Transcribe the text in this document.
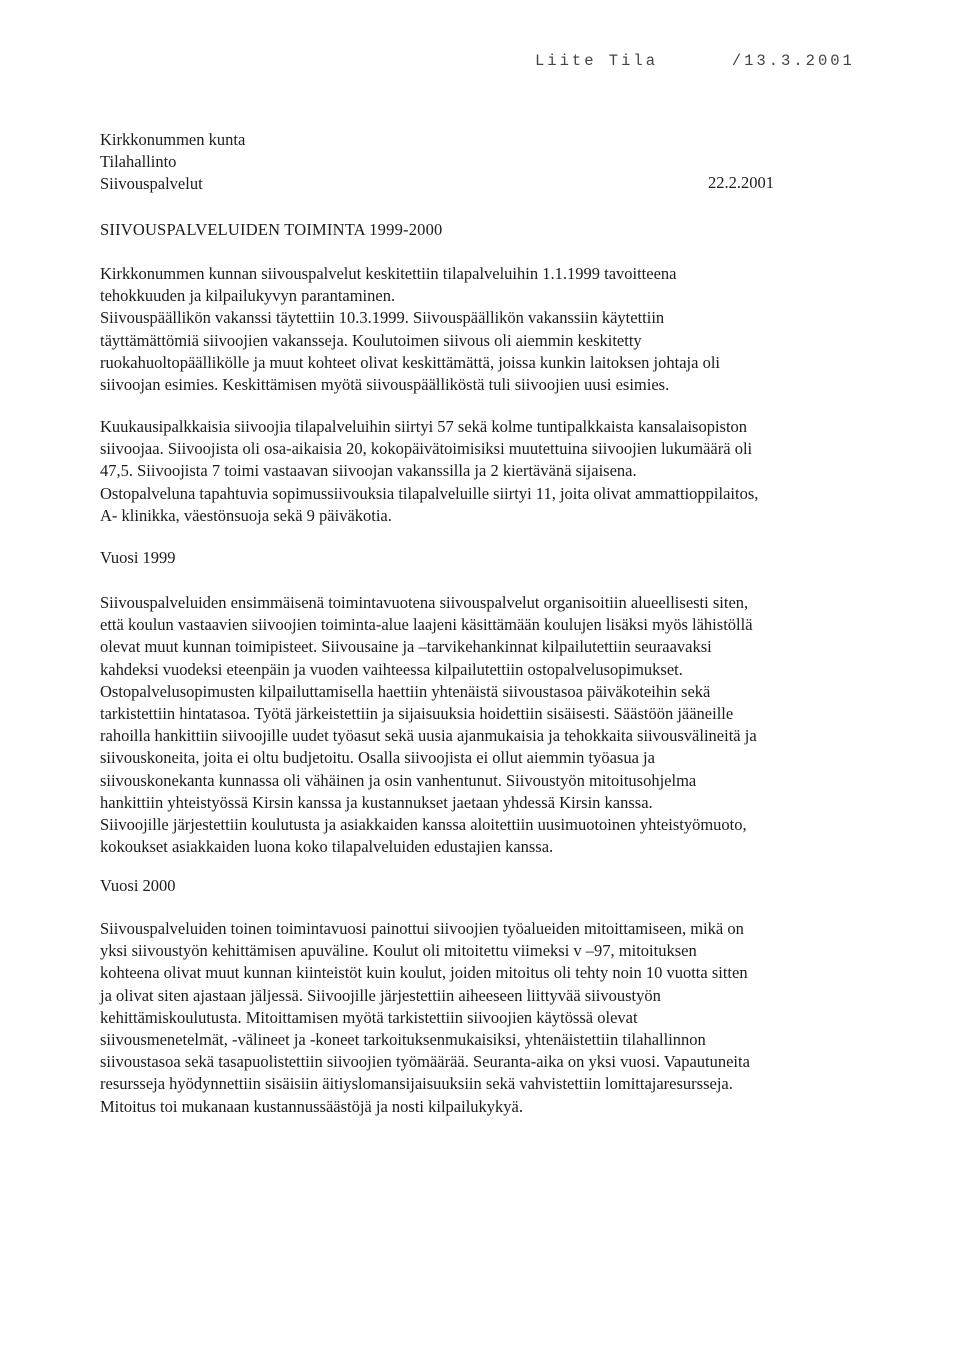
Liite Tila	/13.3.2001
Kirkkonummen kunta
Tilahallinto
Siivouspalvelut	22.2.2001
SIIVOUSPALVELUIDEN TOIMINTA 1999-2000

Kirkkonummen kunnan siivouspalvelut keskitettiin tilapalveluihin 1.1.1999 tavoitteena

tehokkuuden ja kilpailukyvyn parantaminen.

Siivouspäällikön vakanssi täytettiin 10.3.1999. Siivouspäällikön vakanssiin käytettiin

täyttämättömiä siivoojien vakansseja. Koulutoimen siivous oli aiemmin keskitetty

ruokahuoltopäällikölle ja muut kohteet olivat keskittämättä, joissa kunkin laitoksen johtaja oli

siivoojan esimies. Keskittämisen myötä siivouspäälliköstä tuli siivoojien uusi esimies.

Kuukausipalkkaisia siivoojia tilapalveluihin siirtyi 57 sekä kolme tuntipalkkaista kansalaisopiston

siivoojaa. Siivoojista oli osa-aikaisia 20, kokopäivätoimisiksi muutettuina siivoojien lukumäärä oli

47,5. Siivoojista 7 toimi vastaavan siivoojan vakanssilla ja 2 kiertävänä sijaisena.

Ostopalveluna tapahtuvia sopimussiivouksia tilapalveluille siirtyi 11, joita olivat ammattioppilaitos,

A- klinikka, väestönsuoja sekä 9 päiväkotia.

Vuosi 1999

Siivouspalveluiden ensimmäisenä toimintavuotena siivouspalvelut organisoitiin alueellisesti siten,

että koulun vastaavien siivoojien toiminta-alue laajeni käsittämään koulujen lisäksi myös lähistöllä

olevat muut kunnan toimipisteet. Siivousaine ja –tarvikehankinnat kilpailutettiin seuraavaksi

kahdeksi vuodeksi eteenpäin ja vuoden vaihteessa kilpailutettiin ostopalvelusopimukset.

Ostopalvelusopimusten kilpailuttamisella haettiin yhtenäistä siivoustasoa päiväkoteihin sekä

tarkistettiin hintatasoa. Työtä järkeistettiin ja sijaisuuksia hoidettiin sisäisesti. Säästöön jääneille

rahoilla hankittiin siivoojille uudet työasut sekä uusia ajanmukaisia ja tehokkaita siivousvälineitä ja

siivouskoneita, joita ei oltu budjetoitu. Osalla siivoojista ei ollut aiemmin työasua ja

siivouskonekanta kunnassa oli vähäinen ja osin vanhentunut. Siivoustyön mitoitusohjelma

hankittiin yhteistyössä Kirsin kanssa ja kustannukset jaetaan yhdessä Kirsin kanssa.

Siivoojille järjestettiin koulutusta ja asiakkaiden kanssa aloitettiin uusimuotoinen yhteistyömuoto,

kokoukset asiakkaiden luona koko tilapalveluiden edustajien kanssa.

Vuosi 2000

Siivouspalveluiden toinen toimintavuosi painottui siivoojien työalueiden mitoittamiseen, mikä on

yksi siivoustyön kehittämisen apuväline. Koulut oli mitoitettu viimeksi v –97, mitoituksen

kohteena olivat muut kunnan kiinteistöt kuin koulut, joiden mitoitus oli tehty noin 10 vuotta sitten

ja olivat siten ajastaan jäljessä. Siivoojille järjestettiin aiheeseen liittyvää siivoustyön

kehittämiskoulutusta. Mitoittamisen myötä tarkistettiin siivoojien käytössä olevat

siivousmenetelmät, -välineet ja -koneet tarkoituksenmukaisiksi, yhtenäistettiin tilahallinnon

siivoustasoa sekä tasapuolistettiin siivoojien työmäärää. Seuranta-aika on yksi vuosi. Vapautuneita

resursseja hyödynnettiin sisäisiin äitiyslomansijaisuuksiin sekä vahvistettiin lomittajaresursseja.

Mitoitus toi mukanaan kustannussäästöjä ja nosti kilpailukykyä.
